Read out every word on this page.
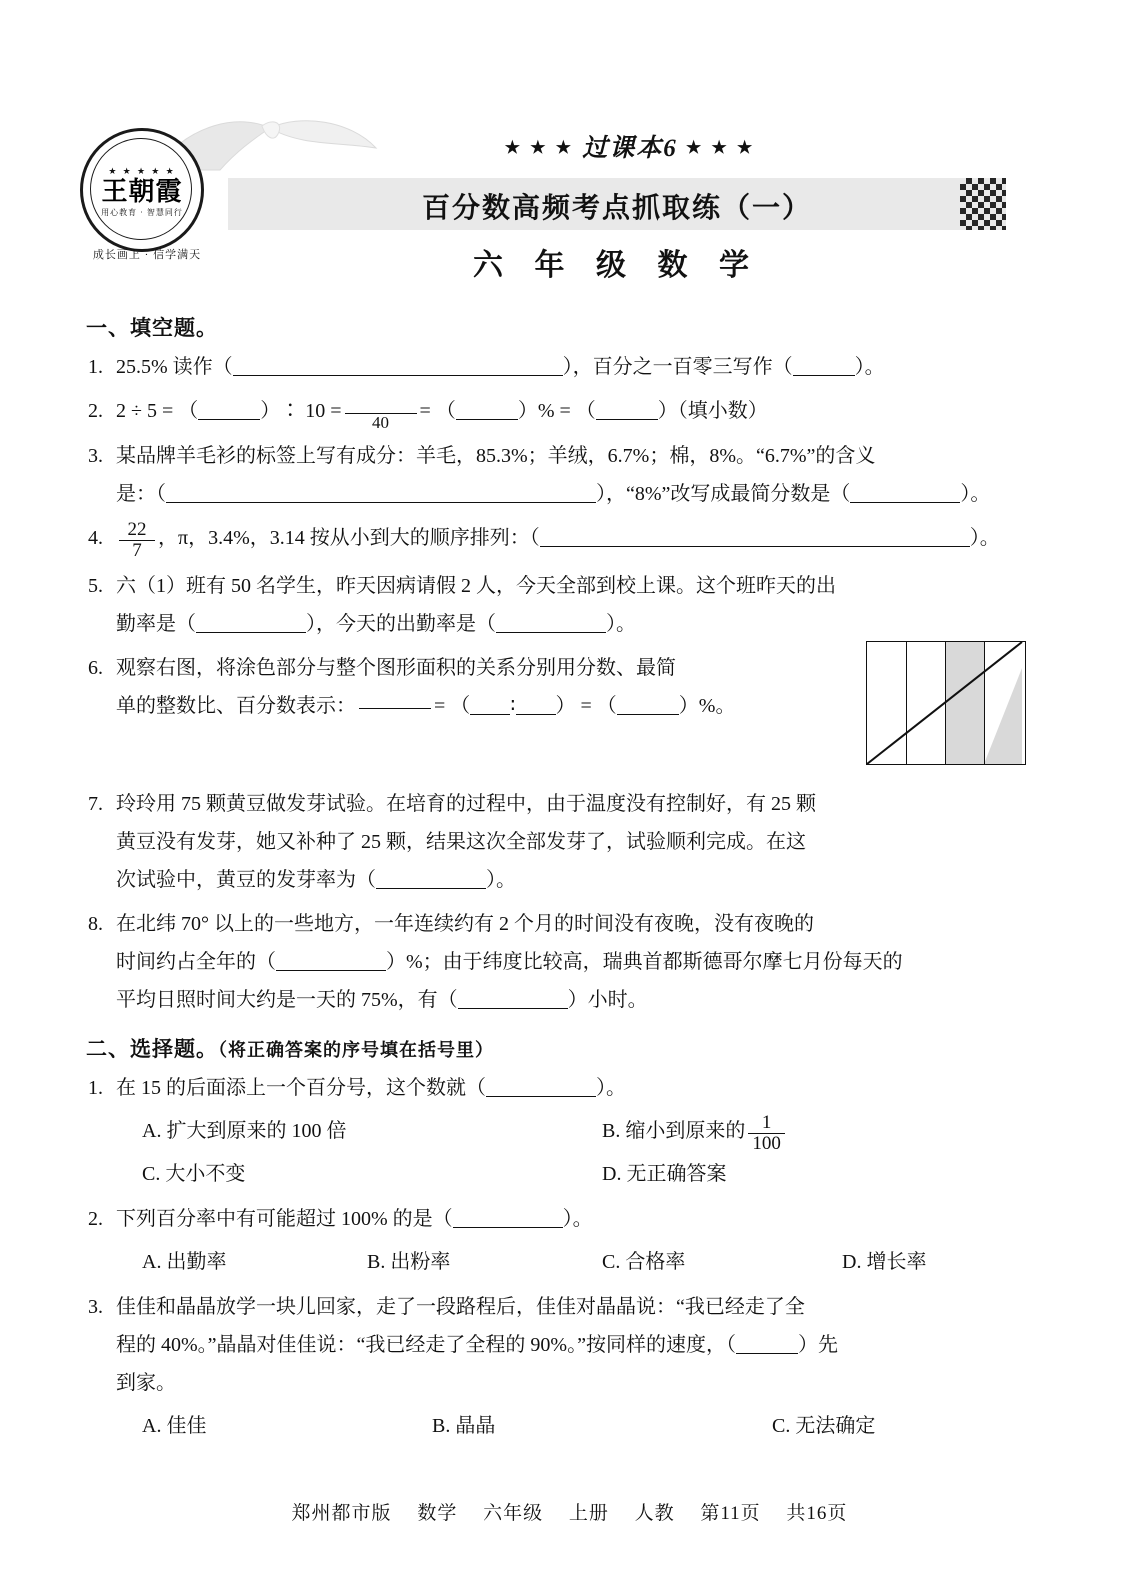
★ ★ ★ ★ ★
王朝霞
用心教育 · 智慧同行
成长画上 · 信学满天
★ ★ ★ 过课本6 ★ ★ ★
百分数高频考点抓取练（一）
六 年 级 数 学
一、填空题。
1. 25.5% 读作（	），百分之一百零三写作（	）。
2. 2 ÷ 5 = （	）∶ 10 =

40
= （	）% = （	）（填小数）
3. 某品牌羊毛衫的标签上写有成分：羊毛，85.3%；羊绒，6.7%；棉，8%。“6.7%”的含义
是：（	），“8%”改写成最简分数是（	）。
4. $\frac{22}{7}$ ，π，3.4%，3.14 按从小到大的顺序排列：（	）。
5. 六（1）班有 50 名学生，昨天因病请假 2 人，今天全部到校上课。这个班昨天的出
勤率是（	），今天的出勤率是（	）。
6. 观察右图，将涂色部分与整个图形面积的关系分别用分数、最简
单的整数比、百分数表示：

	= （ ∶ ） = （	）%。
7. 玲玲用 75 颗黄豆做发芽试验。在培育的过程中，由于温度没有控制好，有 25 颗
黄豆没有发芽，她又补种了 25 颗，结果这次全部发芽了，试验顺利完成。在这
次试验中，黄豆的发芽率为（	）。
8. 在北纬 70° 以上的一些地方，一年连续约有 2 个月的时间没有夜晚，没有夜晚的
时间约占全年的（	）%；由于纬度比较高，瑞典首都斯德哥尔摩七月份每天的
平均日照时间大约是一天的 75%，有（	）小时。
二、选择题。（将正确答案的序号填在括号里）
1. 在 15 的后面添上一个百分号，这个数就（	）。
A. 扩大到原来的 100 倍	B. 缩小到原来的 $\frac{1}{100}$
C. 大小不变	D. 无正确答案
2. 下列百分率中有可能超过 100% 的是（	）。
A. 出勤率	B. 出粉率	C. 合格率	D. 增长率
3. 佳佳和晶晶放学一块儿回家，走了一段路程后，佳佳对晶晶说：“我已经走了全
程的 40%。”晶晶对佳佳说：“我已经走了全程的 90%。”按同样的速度，（	）先
到家。
A. 佳佳	B. 晶晶	C. 无法确定
郑州都市版 数学 六年级 上册 人教 第11页 共16页
